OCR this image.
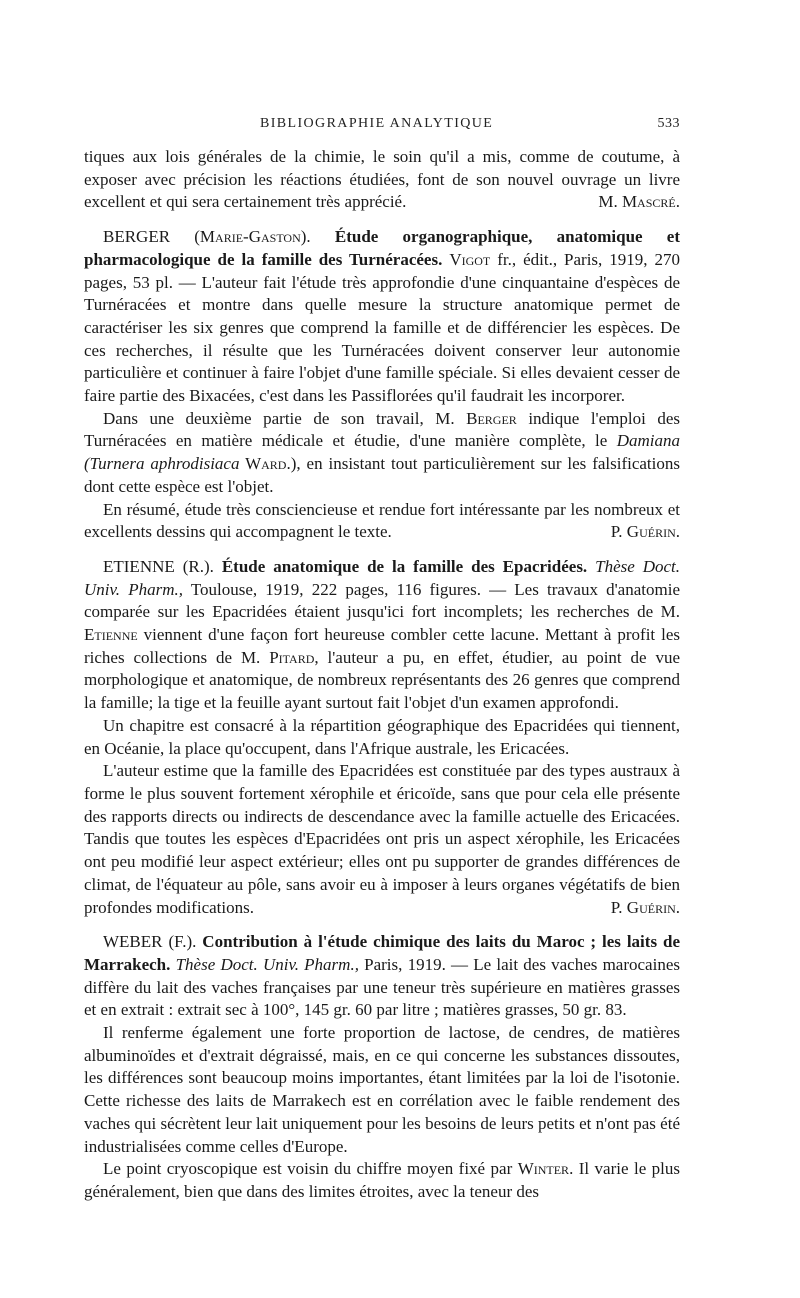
BIBLIOGRAPHIE ANALYTIQUE	533

tiques aux lois générales de la chimie, le soin qu'il a mis, comme de coutume, à exposer avec précision les réactions étudiées, font de son nouvel ouvrage un livre excellent et qui sera certainement très apprécié.	M. Mascré.

BERGER (Marie-Gaston). Étude organographique, anatomique et pharmacologique de la famille des Turnéracées. Vigot fr., édit., Paris, 1919, 270 pages, 53 pl. — L'auteur fait l'étude très approfondie d'une cinquantaine d'espèces de Turnéracées et montre dans quelle mesure la structure anatomique permet de caractériser les six genres que comprend la famille et de différencier les espèces. De ces recherches, il résulte que les Turnéracées doivent conserver leur autonomie particulière et continuer à faire l'objet d'une famille spéciale. Si elles devaient cesser de faire partie des Bixacées, c'est dans les Passiflorées qu'il faudrait les incorporer.

Dans une deuxième partie de son travail, M. Berger indique l'emploi des Turnéracées en matière médicale et étudie, d'une manière complète, le Damiana (Turnera aphrodisiaca Ward.), en insistant tout particulièrement sur les falsifications dont cette espèce est l'objet.

En résumé, étude très consciencieuse et rendue fort intéressante par les nombreux et excellents dessins qui accompagnent le texte.	P. Guérin.

ETIENNE (R.). Étude anatomique de la famille des Epacridées. Thèse Doct. Univ. Pharm., Toulouse, 1919, 222 pages, 116 figures. — Les travaux d'anatomie comparée sur les Epacridées étaient jusqu'ici fort incomplets; les recherches de M. Etienne viennent d'une façon fort heureuse combler cette lacune. Mettant à profit les riches collections de M. Pitard, l'auteur a pu, en effet, étudier, au point de vue morphologique et anatomique, de nombreux représentants des 26 genres que comprend la famille; la tige et la feuille ayant surtout fait l'objet d'un examen approfondi.

Un chapitre est consacré à la répartition géographique des Epacridées qui tiennent, en Océanie, la place qu'occupent, dans l'Afrique australe, les Ericacées.

L'auteur estime que la famille des Epacridées est constituée par des types austraux à forme le plus souvent fortement xérophile et éricoïde, sans que pour cela elle présente des rapports directs ou indirects de descendance avec la famille actuelle des Ericacées. Tandis que toutes les espèces d'Epacridées ont pris un aspect xérophile, les Ericacées ont peu modifié leur aspect extérieur; elles ont pu supporter de grandes différences de climat, de l'équateur au pôle, sans avoir eu à imposer à leurs organes végétatifs de bien profondes modifications.	P. Guérin.

WEBER (F.). Contribution à l'étude chimique des laits du Maroc ; les laits de Marrakech. Thèse Doct. Univ. Pharm., Paris, 1919. — Le lait des vaches marocaines diffère du lait des vaches françaises par une teneur très supérieure en matières grasses et en extrait : extrait sec à 100°, 145 gr. 60 par litre ; matières grasses, 50 gr. 83.

Il renferme également une forte proportion de lactose, de cendres, de matières albuminoïdes et d'extrait dégraissé, mais, en ce qui concerne les substances dissoutes, les différences sont beaucoup moins importantes, étant limitées par la loi de l'isotonie. Cette richesse des laits de Marrakech est en corrélation avec le faible rendement des vaches qui sécrètent leur lait uniquement pour les besoins de leurs petits et n'ont pas été industrialisées comme celles d'Europe.

Le point cryoscopique est voisin du chiffre moyen fixé par Winter. Il varie le plus généralement, bien que dans des limites étroites, avec la teneur des
